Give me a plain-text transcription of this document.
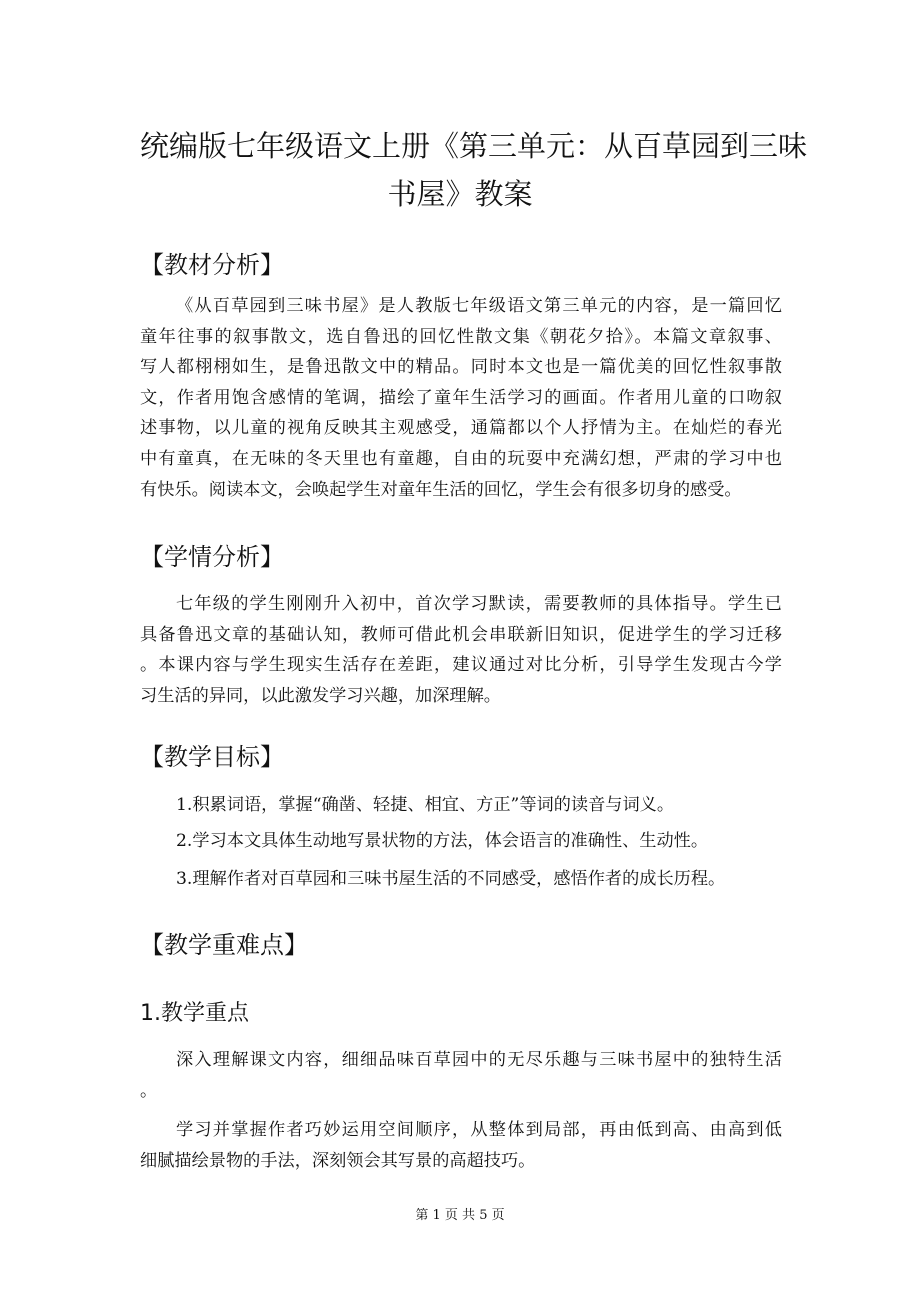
统编版七年级语文上册《第三单元：从百草园到三味
书屋》教案
【教材分析】
《从百草园到三味书屋》是人教版七年级语文第三单元的内容，是一篇回忆
童年往事的叙事散文，选自鲁迅的回忆性散文集《朝花夕拾》。本篇文章叙事、
写人都栩栩如生，是鲁迅散文中的精品。同时本文也是一篇优美的回忆性叙事散
文，作者用饱含感情的笔调，描绘了童年生活学习的画面。作者用儿童的口吻叙
述事物，以儿童的视角反映其主观感受，通篇都以个人抒情为主。在灿烂的春光
中有童真，在无味的冬天里也有童趣，自由的玩耍中充满幻想，严肃的学习中也
有快乐。阅读本文，会唤起学生对童年生活的回忆，学生会有很多切身的感受。
【学情分析】
七年级的学生刚刚升入初中，首次学习默读，需要教师的具体指导。学生已
具备鲁迅文章的基础认知，教师可借此机会串联新旧知识，促进学生的学习迁移
。本课内容与学生现实生活存在差距，建议通过对比分析，引导学生发现古今学
习生活的异同，以此激发学习兴趣，加深理解。
【教学目标】

1.积累词语，掌握“确凿、轻捷、相宜、方正”等词的读音与词义。

2.学习本文具体生动地写景状物的方法，体会语言的准确性、生动性。

3.理解作者对百草园和三味书屋生活的不同感受，感悟作者的成长历程。

【教学重难点】
1.教学重点
深入理解课文内容，细细品味百草园中的无尽乐趣与三味书屋中的独特生活
。
学习并掌握作者巧妙运用空间顺序，从整体到局部，再由低到高、由高到低
细腻描绘景物的手法，深刻领会其写景的高超技巧。

第 1 页 共 5 页
